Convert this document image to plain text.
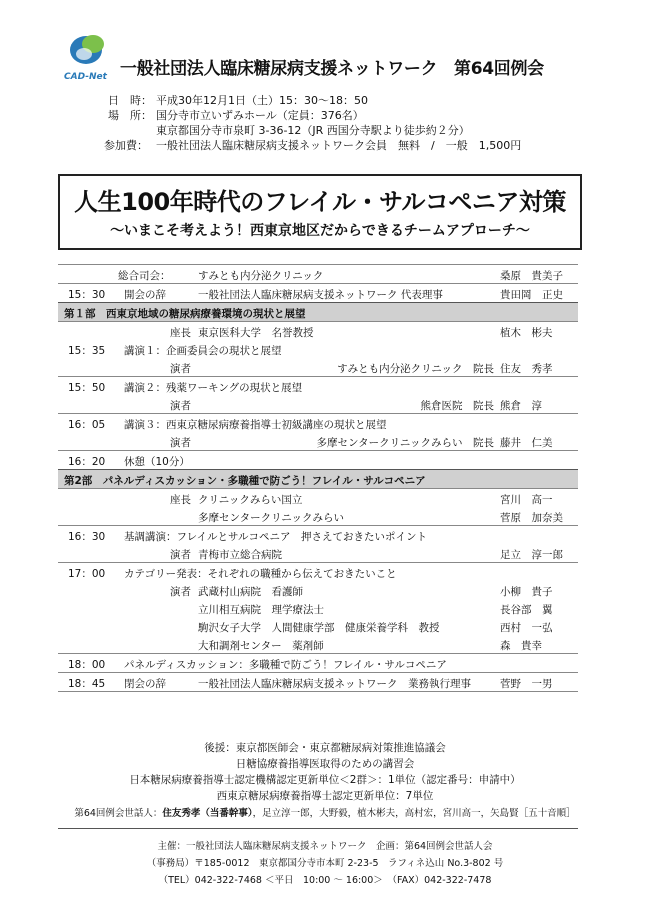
CAD-Net 一般社団法人臨床糖尿病支援ネットワーク　第64回例会
日　時： 平成30年12月1日（土）15：30〜18：50
場　所： 国分寺市立いずみホール（定員：376名）
東京都国分寺市泉町 3-36-12（JR 西国分寺駅より徒歩約２分）
参加費： 一般社団法人臨床糖尿病支援ネットワーク会員　無料　/　一般　1,500円
人生100年時代のフレイル・サルコペニア対策
〜いまこそ考えよう！西東京地区だからできるチームアプローチ〜
総合司会：	すみとも内分泌クリニック	桑原　貴美子
15：30 開会の辞	一般社団法人臨床糖尿病支援ネットワーク 代表理事	貴田岡　正史
第１部　西東京地域の糖尿病療養環境の現状と展望
座長 東京医科大学　名誉教授	植木　彬夫
15：35 講演１：企画委員会の現状と展望
演者	すみとも内分泌クリニック　院長 住友　秀孝
15：50 講演２：残薬ワーキングの現状と展望
演者	熊倉医院　院長 熊倉　淳
16：05 講演３：西東京糖尿病療養指導士初級講座の現状と展望
演者	多摩センタークリニックみらい　院長 藤井　仁美
16：20 休憩（10分）
第2部　パネルディスカッション・多職種で防ごう！フレイル・サルコペニア
座長 クリニックみらい国立	宮川　高一
多摩センタークリニックみらい	菅原　加奈美
16：30 基調講演：フレイルとサルコペニア　押さえておきたいポイント
演者 青梅市立総合病院	足立　淳一郎
17：00 カテゴリー発表：それぞれの職種から伝えておきたいこと
演者 武蔵村山病院　看護師	小柳　貴子
立川相互病院　理学療法士	長谷部　翼
駒沢女子大学　人間健康学部　健康栄養学科　教授	西村　一弘
大和調剤センター　薬剤師	森　貴幸
18：00 パネルディスカッション：多職種で防ごう！フレイル・サルコペニア
18：45 閉会の辞	一般社団法人臨床糖尿病支援ネットワーク　業務執行理事	菅野　一男
後援：東京都医師会・東京都糖尿病対策推進協議会
日糖協療養指導医取得のための講習会
日本糖尿病療養指導士認定機構認定更新単位＜2群＞：1単位（認定番号：申請中）
西東京糖尿病療養指導士認定更新単位：7単位
第64回例会世話人：住友秀孝（当番幹事），足立淳一郎，大野毅，植木彬夫，高村宏，宮川高一，矢島賢［五十音順］
主催：一般社団法人臨床糖尿病支援ネットワーク　企画：第64回例会世話人会
（事務局）〒185-0012　東京都国分寺市本町 2-23-5　ラフィネ込山 No.3-802 号
（TEL）042-322-7468 ＜平日　10:00 〜 16:00＞　（FAX）042-322-7478
